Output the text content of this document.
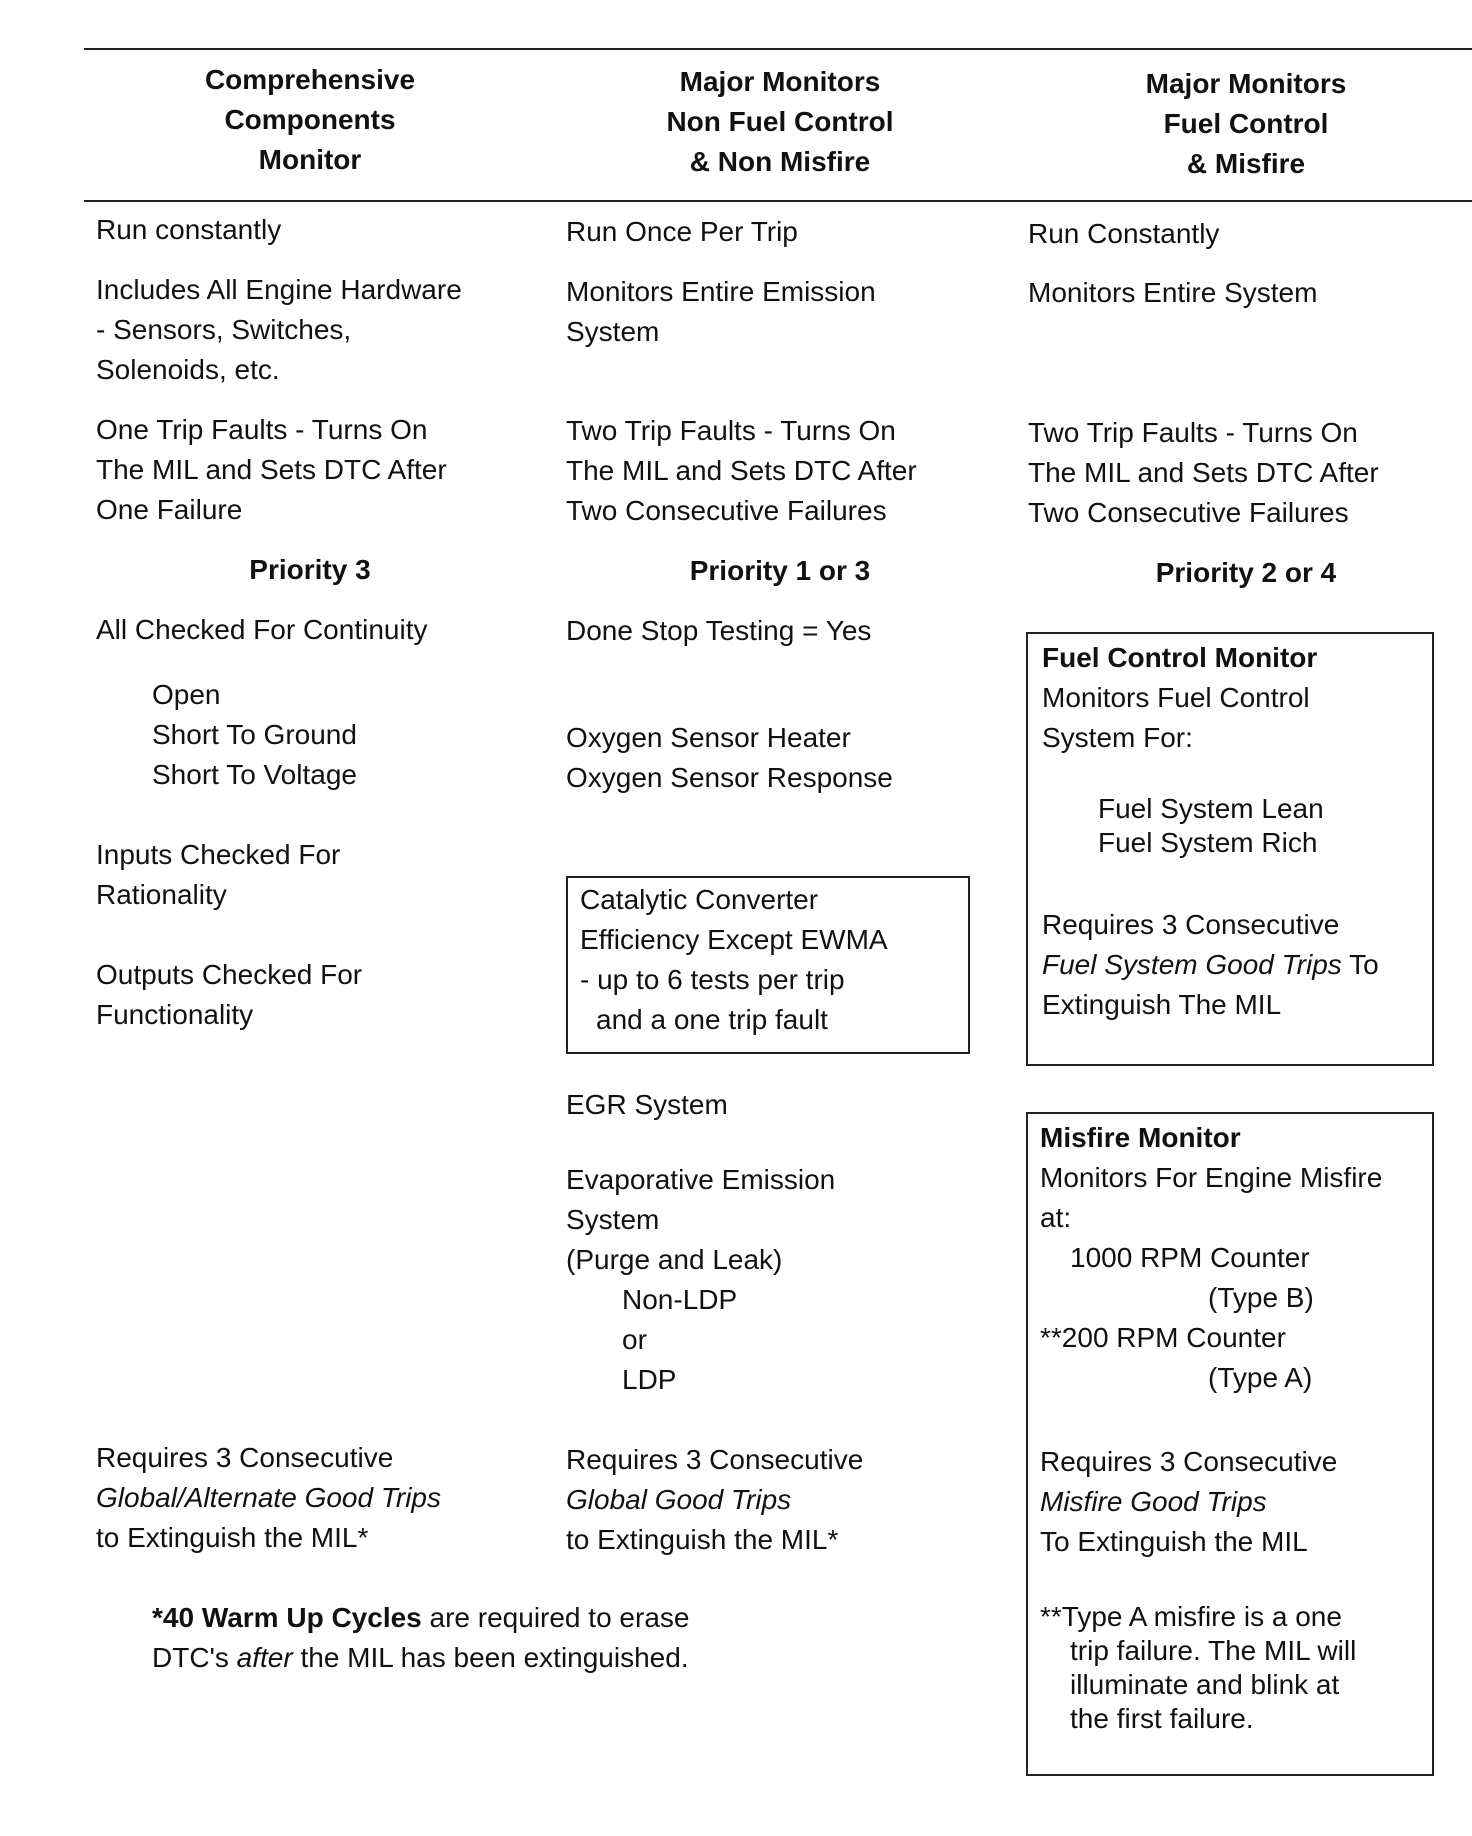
Comprehensive
Components
Monitor
Major Monitors
Non Fuel Control
& Non Misfire
Major Monitors
Fuel Control
& Misfire
Run constantly
Includes All Engine Hardware
- Sensors, Switches,
Solenoids, etc.
One Trip Faults - Turns On
The MIL and Sets DTC After
One Failure
Priority 3
All Checked For Continuity
Open
Short To Ground
Short To Voltage
Inputs Checked For
Rationality
Outputs Checked For
Functionality
Requires 3 Consecutive
Global/Alternate Good Trips
to Extinguish the MIL*
*40 Warm Up Cycles are required to erase
DTC's after the MIL has been extinguished.
Run Once Per Trip
Monitors Entire Emission
System
Two Trip Faults - Turns On
The MIL and Sets DTC After
Two Consecutive Failures
Priority 1 or 3
Done Stop Testing = Yes
Oxygen Sensor Heater
Oxygen Sensor Response
Catalytic Converter
Efficiency Except EWMA
- up to 6 tests per trip
and a one trip fault
EGR System
Evaporative Emission
System
(Purge and Leak)
Non-LDP
or
LDP
Requires 3 Consecutive
Global Good Trips
to Extinguish the MIL*
Run Constantly
Monitors Entire System
Two Trip Faults - Turns On
The MIL and Sets DTC After
Two Consecutive Failures
Priority 2 or 4
Fuel Control Monitor
Monitors Fuel Control
System For:
Fuel System Lean
Fuel System Rich
Requires 3 Consecutive
Fuel System Good Trips To
Extinguish The MIL
Misfire Monitor
Monitors For Engine Misfire
at:
1000 RPM Counter
(Type B)
**200 RPM Counter
(Type A)
Requires 3 Consecutive
Misfire Good Trips
To Extinguish the MIL
**Type A misfire is a one
trip failure. The MIL will
illuminate and blink at
the first failure.
